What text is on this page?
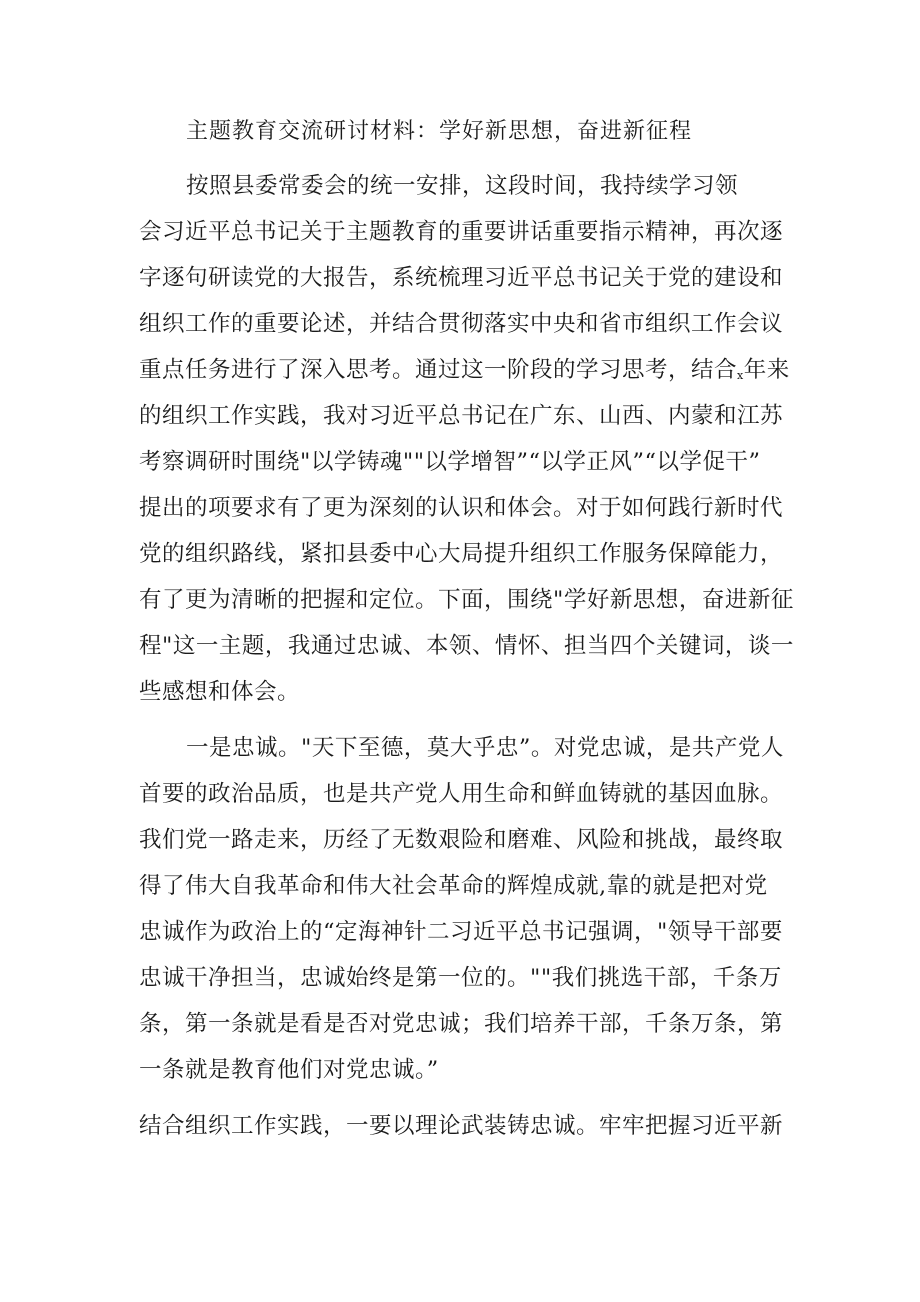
主题教育交流研讨材料：学好新思想，奋进新征程
按照县委常委会的统一安排，这段时间，我持续学习领
会习近平总书记关于主题教育的重要讲话重要指示精神，再次逐
字逐句研读党的大报告，系统梳理习近平总书记关于党的建设和
组织工作的重要论述，并结合贯彻落实中央和省市组织工作会议
重点任务进行了深入思考。通过这一阶段的学习思考，结合x年来
的组织工作实践，我对习近平总书记在广东、山西、内蒙和江苏
考察调研时围绕"以学铸魂""以学增智”“以学正风”“以学促干”
提出的项要求有了更为深刻的认识和体会。对于如何践行新时代
党的组织路线，紧扣县委中心大局提升组织工作服务保障能力，
有了更为清晰的把握和定位。下面，围绕"学好新思想，奋进新征
程"这一主题，我通过忠诚、本领、情怀、担当四个关键词，谈一
些感想和体会。
一是忠诚。"天下至德，莫大乎忠”。对党忠诚，是共产党人
首要的政治品质，也是共产党人用生命和鲜血铸就的基因血脉。
我们党一路走来，历经了无数艰险和磨难、风险和挑战，最终取
得了伟大自我革命和伟大社会革命的辉煌成就,靠的就是把对党
忠诚作为政治上的“定海神针二习近平总书记强调，"领导干部要
忠诚干净担当，忠诚始终是第一位的。""我们挑选干部，千条万
条，第一条就是看是否对党忠诚；我们培养干部，千条万条，第
一条就是教育他们对党忠诚。”
结合组织工作实践，一要以理论武装铸忠诚。牢牢把握习近平新
